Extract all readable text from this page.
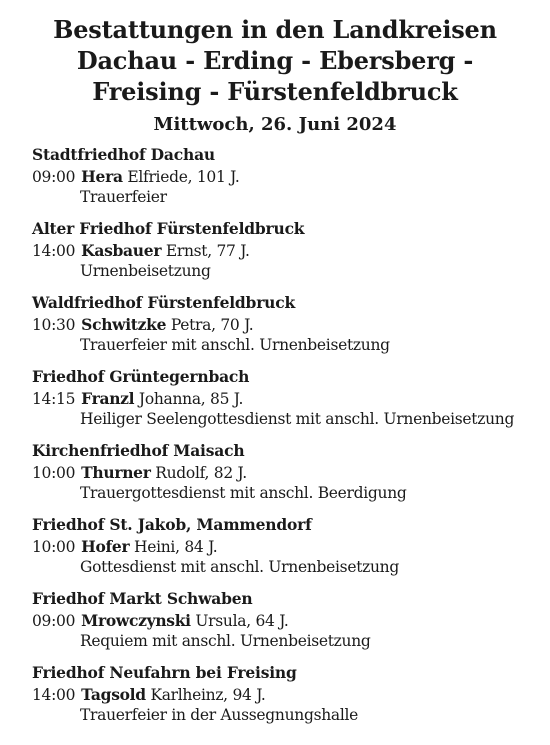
Bestattungen in den Landkreisen
Dachau - Erding - Ebersberg -
Freising - Fürstenfeldbruck
Mittwoch, 26. Juni 2024
Stadtfriedhof Dachau
09:00 Hera Elfriede, 101 J.
Trauerfeier
Alter Friedhof Fürstenfeldbruck
14:00 Kasbauer Ernst, 77 J.
Urnenbeisetzung
Waldfriedhof Fürstenfeldbruck
10:30 Schwitzke Petra, 70 J.
Trauerfeier mit anschl. Urnenbeisetzung
Friedhof Grüntegernbach
14:15 Franzl Johanna, 85 J.
Heiliger Seelengottesdienst mit anschl. Urnenbeisetzung
Kirchenfriedhof Maisach
10:00 Thurner Rudolf, 82 J.
Trauergottesdienst mit anschl. Beerdigung
Friedhof St. Jakob, Mammendorf
10:00 Hofer Heini, 84 J.
Gottesdienst mit anschl. Urnenbeisetzung
Friedhof Markt Schwaben
09:00 Mrowczynski Ursula, 64 J.
Requiem mit anschl. Urnenbeisetzung
Friedhof Neufahrn bei Freising
14:00 Tagsold Karlheinz, 94 J.
Trauerfeier in der Aussegnungshalle
